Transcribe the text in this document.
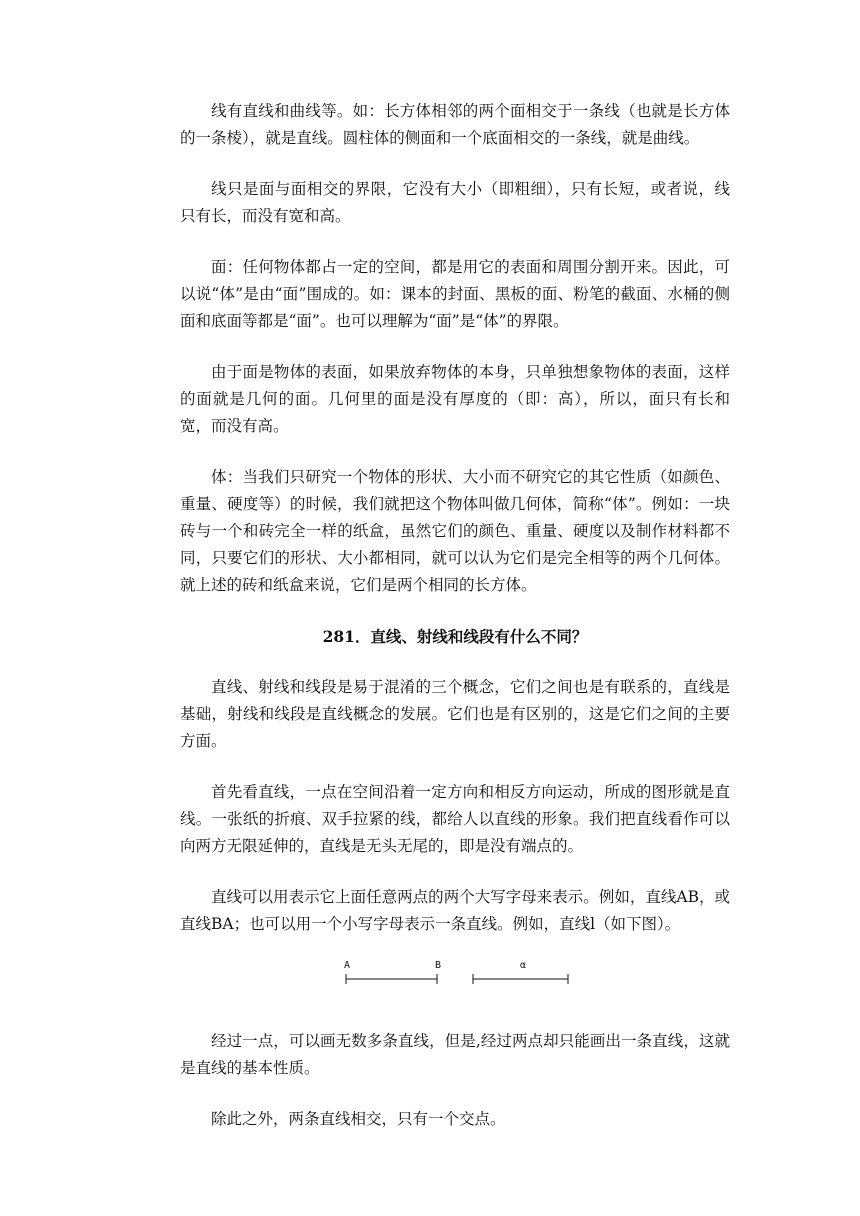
线有直线和曲线等。如：长方体相邻的两个面相交于一条线（也就是长方体的一条棱），就是直线。圆柱体的侧面和一个底面相交的一条线，就是曲线。

线只是面与面相交的界限，它没有大小（即粗细），只有长短，或者说，线只有长，而没有宽和高。

面：任何物体都占一定的空间，都是用它的表面和周围分割开来。因此，可以说“体”是由“面”围成的。如：课本的封面、黑板的面、粉笔的截面、水桶的侧面和底面等都是“面”。也可以理解为“面”是“体”的界限。

由于面是物体的表面，如果放弃物体的本身，只单独想象物体的表面，这样的面就是几何的面。几何里的面是没有厚度的（即：高），所以，面只有长和宽，而没有高。

体：当我们只研究一个物体的形状、大小而不研究它的其它性质（如颜色、重量、硬度等）的时候，我们就把这个物体叫做几何体，简称“体”。例如：一块砖与一个和砖完全一样的纸盒，虽然它们的颜色、重量、硬度以及制作材料都不同，只要它们的形状、大小都相同，就可以认为它们是完全相等的两个几何体。就上述的砖和纸盒来说，它们是两个相同的长方体。

281．直线、射线和线段有什么不同？

直线、射线和线段是易于混淆的三个概念，它们之间也是有联系的，直线是基础，射线和线段是直线概念的发展。它们也是有区别的，这是它们之间的主要方面。

首先看直线，一点在空间沿着一定方向和相反方向运动，所成的图形就是直线。一张纸的折痕、双手拉紧的线，都给人以直线的形象。我们把直线看作可以向两方无限延伸的，直线是无头无尾的，即是没有端点的。

直线可以用表示它上面任意两点的两个大写字母来表示。例如，直线AB，或直线BA；也可以用一个小写字母表示一条直线。例如，直线l（如下图）。

A	B	α

经过一点，可以画无数多条直线，但是,经过两点却只能画出一条直线，这就是直线的基本性质。

除此之外，两条直线相交，只有一个交点。
